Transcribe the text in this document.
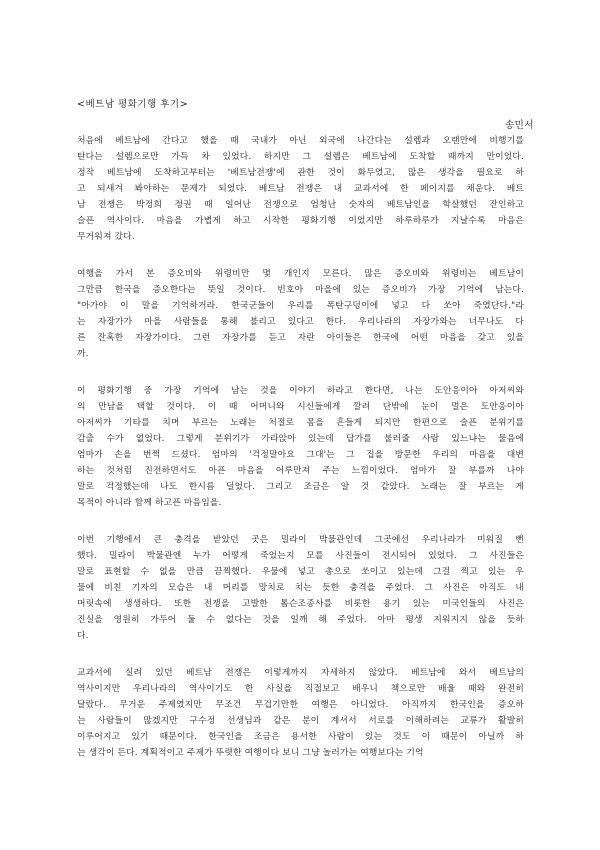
<베트남 평화기행 후기>
송민서
처음에 베트남에 간다고 했을 때 국내가 아닌 외국에 나간다는 설렘과 오랜만에 비행기를
탄다는 설렘으로만 가득 차 있었다. 하지만 그 설렘은 베트남에 도착할 때까지 만이었다.
정작 베트남에 도착하고부터는 '베트남전쟁'에 관한 것이 화두였고, 많은 생각을 필요로 하
고 되새겨 봐야하는 문제가 되었다. 베트남 전쟁은 내 교과서에 한 페이지를 채운다. 베트
남 전쟁은 박정희 정권 때 일어난 전쟁으로 엄청난 숫자의 베트남인을 학살했던 잔인하고
슬픈 역사이다. 마음을 가볍게 하고 시작한 평화기행 이었지만 하루하루가 지날수록 마음은
무거워져 갔다.
여행을 가서 본 증오비와 위령비만 몇 개인지 모른다. 많은 증오비와 위령비는 베트남이
그만큼 한국을 증오한다는 뜻일 것이다. 빈호아 마을에 있는 증오비가 가장 기억에 남는다.
"아가야 이 말을 기억하거라. 한국군들이 우리를 폭탄구덩이에 넣고 다 쏘아 죽였단다."라
는 자장가가 마을 사람들을 통해 불리고 있다고 한다. 우리나라의 자장가와는 너무나도 다
른 잔혹한 자장가이다. 그런 자장가를 듣고 자란 아이들은 한국에 어떤 마음을 갖고 있을
까.
이 평화기행 중 가장 기억에 남는 것을 이야기 하라고 한다면, 나는 도안응이아 아저씨와
의 만남을 택할 것이다. 이 때 어머니와 시신들에게 깔려 단밖에 눈이 멀은 도안응이아
아저씨가 기타를 치며 부르는 노래는 처절로 몸을 흔들게 되지만 한편으로 슬픈 분위기를
감출 수가 없었다. 그렇게 분위기가 가라앉아 있는데 답가를 불러줄 사람 있느냐는 물음에
엄마가 손을 번쩍 드셨다. 엄마의 '걱정말아요 그대'는 그 집을 방문한 우리의 마음을 대변
하는 것처럼 진전하면서도 아픈 마음을 어루만져 주는 느낌이었다. 엄마가 잘 부를까 나야
말로 걱정했는데 나도 한시름 덜었다. 그리고 조금은 알 것 같았다. 노래는 잘 부르는 게
목적이 아니라 함께 하고픈 마음임을.
이번 기행에서 큰 충격을 받았던 곳은 밀라이 박물관인데 그곳에선 우리나라가 미워질 뻔
했다. 밀라이 박물관엔 누가 어떻게 죽었는지 모를 사진들이 전시되어 있었다. 그 사진들은
말로 표현할 수 없을 만큼 끔찍했다. 우물에 넣고 총으로 쏘이고 있는데 그걸 찍고 있는 우
물에 비친 기자의 모습은 내 머리를 망치로 치는 듯한 충격을 주었다. 그 사진은 아직도 내
머릿속에 생생하다. 또한 전쟁을 고발한 톰슨조종사를 비롯한 용기 있는 미국인들의 사진은
진실을 영원히 가두어 둘 수 없다는 것을 일깨 해 주었다. 아마 평생 지워지지 않을 듯하
다.
교과서에 실려 있던 베트남 전쟁은 이렇게까지 자세하지 않았다. 베트남에 와서 베트남의
역사이지만 우리나라의 역사이기도 한 사실을 직접보고 배우니 책으로만 배울 때와 완전히
달랐다. 무거운 주제였지만 무조건 무겁기만한 여행은 아니었다. 아직까지 한국인을 증오하
는 사람들이 많겠지만 구수정 선생님과 같은 분이 계셔서 서로를 이해하려는 교류가 활발히
이루어지고 있기 때문이다. 한국인을 조금은 용서한 사람이 있는 것도 이 때문이 아닐까 하
는 생각이 든다. 계획적이고 주제가 뚜렷한 여행이다 보니 그냥 놀러가는 여행보다는 기억
